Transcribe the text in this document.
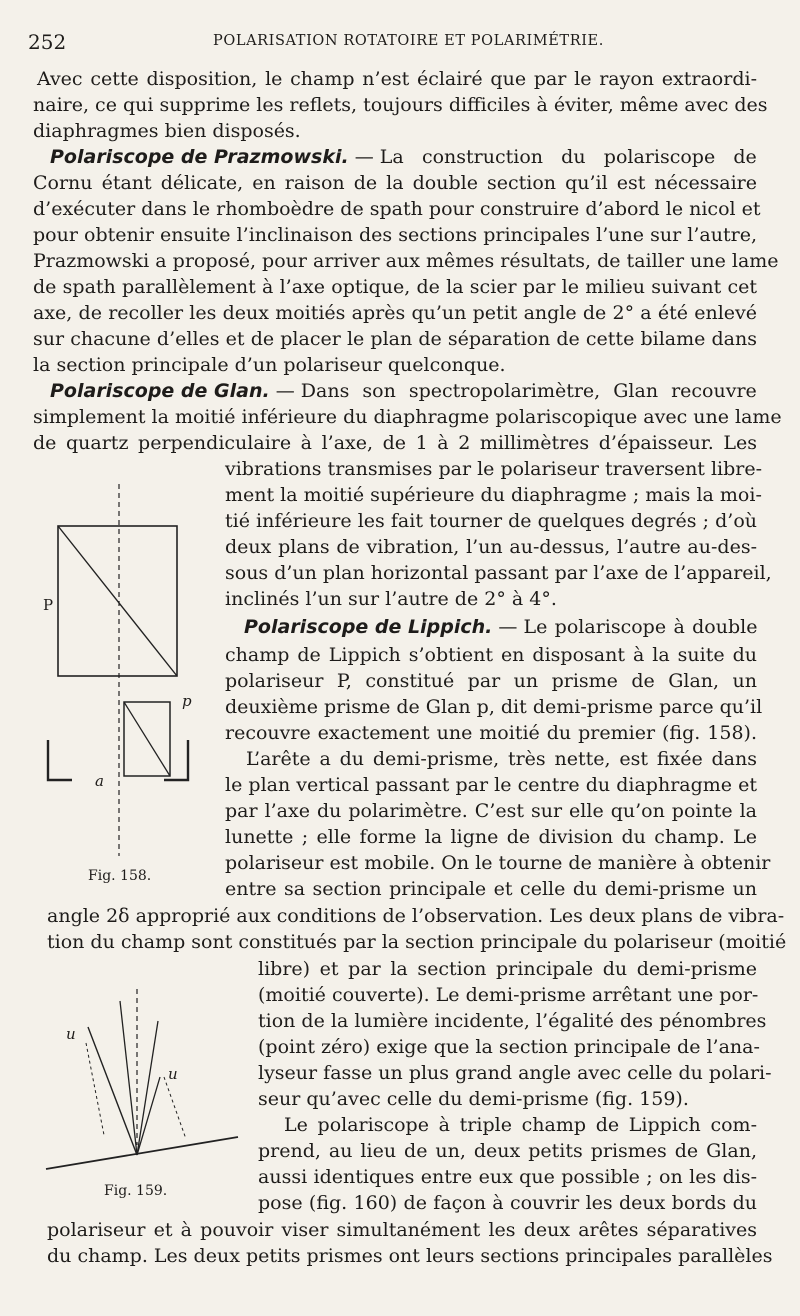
252	POLARISATION ROTATOIRE ET POLARIMÉTRIE.
Avec cette disposition, le champ n’est éclairé que par le rayon extraordi-
naire, ce qui supprime les reflets, toujours difficiles à éviter, même avec des
diaphragmes bien disposés.
Polariscope de Prazmowski. — La construction du polariscope de
Cornu étant délicate, en raison de la double section qu’il est nécessaire
d’exécuter dans le rhomboèdre de spath pour construire d’abord le nicol et
pour obtenir ensuite l’inclinaison des sections principales l’une sur l’autre,
Prazmowski a proposé, pour arriver aux mêmes résultats, de tailler une lame
de spath parallèlement à l’axe optique, de la scier par le milieu suivant cet
axe, de recoller les deux moitiés après qu’un petit angle de 2° a été enlevé
sur chacune d’elles et de placer le plan de séparation de cette bilame dans
la section principale d’un polariseur quelconque.
Polariscope de Glan. — Dans son spectropolarimètre, Glan recouvre
simplement la moitié inférieure du diaphragme polariscopique avec une lame
de quartz perpendiculaire à l’axe, de 1 à 2 millimètres d’épaisseur. Les
vibrations transmises par le polariseur traversent libre-
ment la moitié supérieure du diaphragme ; mais la moi-
tié inférieure les fait tourner de quelques degrés ; d’où
deux plans de vibration, l’un au-dessus, l’autre au-des-
sous d’un plan horizontal passant par l’axe de l’appareil,
inclinés l’un sur l’autre de 2° à 4°.
Polariscope de Lippich. — Le polariscope à double
champ de Lippich s’obtient en disposant à la suite du
polariseur P, constitué par un prisme de Glan, un
deuxième prisme de Glan p, dit demi-prisme parce qu’il
recouvre exactement une moitié du premier (fig. 158).
L’arête a du demi-prisme, très nette, est fixée dans
le plan vertical passant par le centre du diaphragme et
par l’axe du polarimètre. C’est sur elle qu’on pointe la
lunette ; elle forme la ligne de division du champ. Le
polariseur est mobile. On le tourne de manière à obtenir
entre sa section principale et celle du demi-prisme un
angle 2δ approprié aux conditions de l’observation. Les deux plans de vibra-
tion du champ sont constitués par la section principale du polariseur (moitié
libre) et par la section principale du demi-prisme
(moitié couverte). Le demi-prisme arrêtant une por-
tion de la lumière incidente, l’égalité des pénombres
(point zéro) exige que la section principale de l’ana-
lyseur fasse un plus grand angle avec celle du polari-
seur qu’avec celle du demi-prisme (fig. 159).
Le polariscope à triple champ de Lippich com-
prend, au lieu de un, deux petits prismes de Glan,
aussi identiques entre eux que possible ; on les dis-
pose (fig. 160) de façon à couvrir les deux bords du
polariseur et à pouvoir viser simultanément les deux arêtes séparatives
du champ. Les deux petits prismes ont leurs sections principales parallèles
P
p
a
Fig. 158.
u
u
Fig. 159.
